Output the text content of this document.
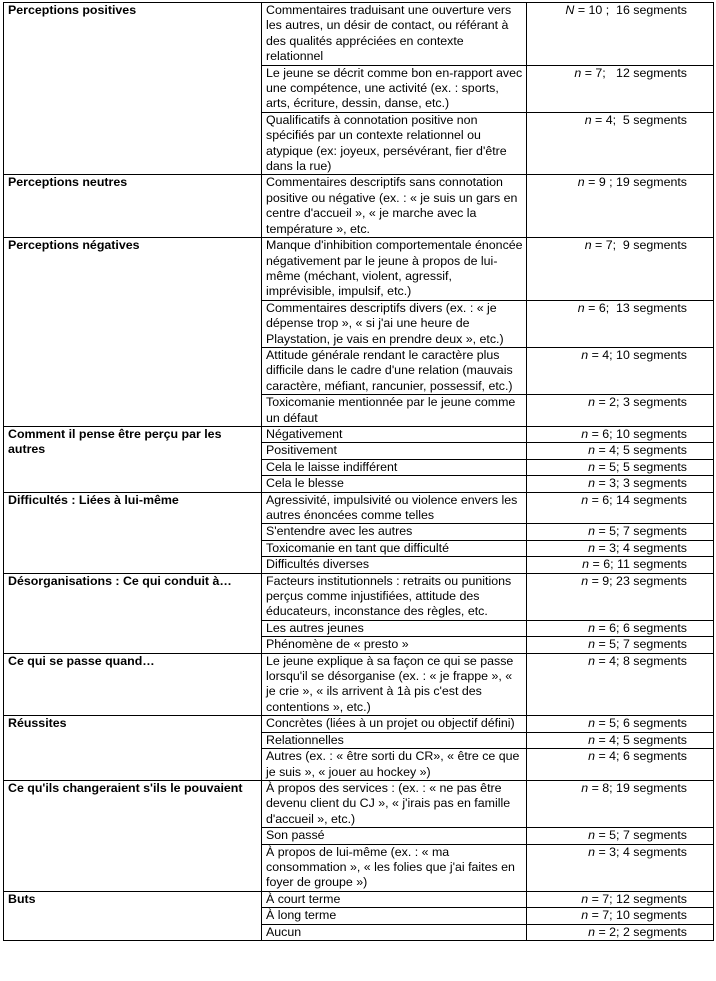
Perceptions positives	Commentaires traduisant une ouverture vers les autres, un désir de contact, ou référant à des qualités appréciées en contexte relationnel	N = 10 ;  16 segments
	Le jeune se décrit comme bon en-rapport avec une compétence, une activité (ex. : sports, arts, écriture, dessin, danse, etc.)	n = 7;   12 segments
	Qualificatifs à connotation positive non spécifiés par un contexte relationnel ou atypique (ex: joyeux, persévérant, fier d'être dans la rue)	n = 4;  5 segments
Perceptions neutres	Commentaires descriptifs sans connotation positive ou négative (ex. : « je suis un gars en centre d'accueil », « je marche avec la température », etc.	n = 9 ; 19 segments
Perceptions négatives	Manque d'inhibition comportementale énoncée négativement par le jeune à propos de lui-même (méchant, violent, agressif, imprévisible, impulsif, etc.)	n = 7;  9 segments
	Commentaires descriptifs divers (ex. : « je dépense trop », « si j'ai une heure de Playstation, je vais en prendre deux », etc.)	n = 6;  13 segments
	Attitude générale rendant le caractère plus difficile dans le cadre d'une relation (mauvais caractère, méfiant, rancunier, possessif, etc.)	n = 4; 10 segments
	Toxicomanie mentionnée par le jeune comme un défaut	n = 2; 3 segments
Comment il pense être perçu par les autres	Négativement	n = 6; 10 segments
	Positivement	n = 4; 5 segments
	Cela le laisse indifférent	n = 5; 5 segments
	Cela le blesse	n = 3; 3 segments
Difficultés : Liées à lui-même	Agressivité, impulsivité ou violence envers les autres énoncées comme telles	n = 6; 14 segments
	S'entendre avec les autres	n = 5; 7 segments
	Toxicomanie en tant que difficulté	n = 3; 4 segments
	Difficultés diverses	n = 6; 11 segments
Désorganisations : Ce qui conduit à…	Facteurs institutionnels : retraits ou punitions perçus comme injustifiées, attitude des éducateurs, inconstance des règles, etc.	n = 9; 23 segments
	Les autres jeunes	n = 6; 6 segments
	Phénomène de « presto »	n = 5; 7 segments
Ce qui se passe quand…	Le jeune explique à sa façon ce qui se passe lorsqu'il se désorganise (ex. : « je frappe », « je crie », « ils arrivent à 1à pis c'est des contentions », etc.)	n = 4; 8 segments
Réussites	Concrètes (liées à un projet ou objectif défini)	n = 5; 6 segments
	Relationnelles	n = 4; 5 segments
	Autres (ex. : « être sorti du CR», « être ce que je suis », « jouer au hockey »)	n = 4; 6 segments
Ce qu'ils changeraient s'ils le pouvaient	À propos des services : (ex. : « ne pas être devenu client du CJ », « j'irais pas en famille d'accueil », etc.)	n = 8; 19 segments
	Son passé	n = 5; 7 segments
	À propos de lui-même (ex. : « ma consommation », « les folies que j'ai faites en foyer de groupe »)	n = 3; 4 segments
Buts	À court terme	n = 7; 12 segments
	À long terme	n = 7; 10 segments
	Aucun	n = 2; 2 segments
